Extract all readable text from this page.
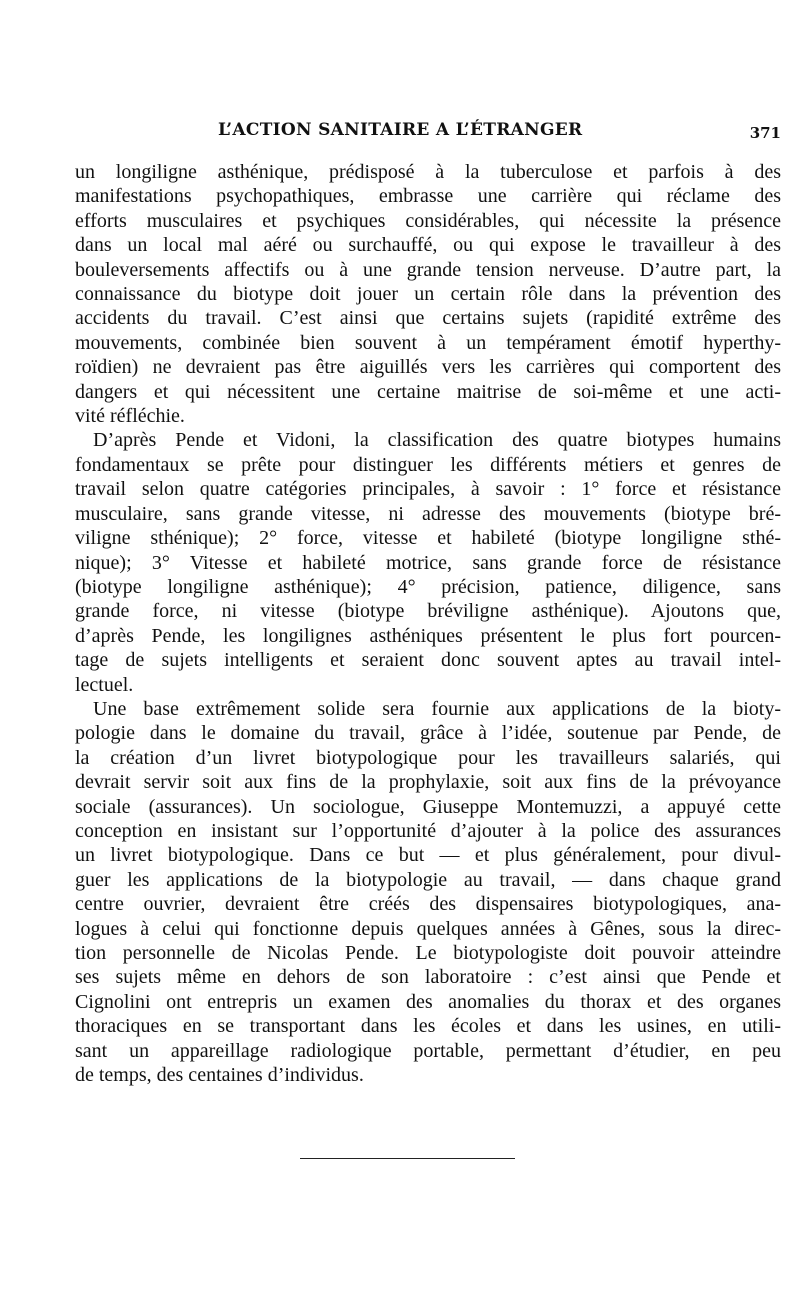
L’ACTION SANITAIRE A L’ÉTRANGER	371
un longiligne asthénique, prédisposé à la tuberculose et parfois à des
manifestations psychopathiques, embrasse une carrière qui réclame des
efforts musculaires et psychiques considérables, qui nécessite la présence
dans un local mal aéré ou surchauffé, ou qui expose le travailleur à des
bouleversements affectifs ou à une grande tension nerveuse. D’autre part, la
connaissance du biotype doit jouer un certain rôle dans la prévention des
accidents du travail. C’est ainsi que certains sujets (rapidité extrême des
mouvements, combinée bien souvent à un tempérament émotif hyperthy-
roïdien) ne devraient pas être aiguillés vers les carrières qui comportent des
dangers et qui nécessitent une certaine maitrise de soi-même et une acti-
vité réfléchie.
D’après Pende et Vidoni, la classification des quatre biotypes humains
fondamentaux se prête pour distinguer les différents métiers et genres de
travail selon quatre catégories principales, à savoir : 1° force et résistance
musculaire, sans grande vitesse, ni adresse des mouvements (biotype bré-
viligne sthénique); 2° force, vitesse et habileté (biotype longiligne sthé-
nique); 3° Vitesse et habileté motrice, sans grande force de résistance
(biotype longiligne asthénique); 4° précision, patience, diligence, sans
grande force, ni vitesse (biotype bréviligne asthénique). Ajoutons que,
d’après Pende, les longilignes asthéniques présentent le plus fort pourcen-
tage de sujets intelligents et seraient donc souvent aptes au travail intel-
lectuel.
Une base extrêmement solide sera fournie aux applications de la bioty-
pologie dans le domaine du travail, grâce à l’idée, soutenue par Pende, de
la création d’un livret biotypologique pour les travailleurs salariés, qui
devrait servir soit aux fins de la prophylaxie, soit aux fins de la prévoyance
sociale (assurances). Un sociologue, Giuseppe Montemuzzi, a appuyé cette
conception en insistant sur l’opportunité d’ajouter à la police des assurances
un livret biotypologique. Dans ce but — et plus généralement, pour divul-
guer les applications de la biotypologie au travail, — dans chaque grand
centre ouvrier, devraient être créés des dispensaires biotypologiques, ana-
logues à celui qui fonctionne depuis quelques années à Gênes, sous la direc-
tion personnelle de Nicolas Pende. Le biotypologiste doit pouvoir atteindre
ses sujets même en dehors de son laboratoire : c’est ainsi que Pende et
Cignolini ont entrepris un examen des anomalies du thorax et des organes
thoraciques en se transportant dans les écoles et dans les usines, en utili-
sant un appareillage radiologique portable, permettant d’étudier, en peu
de temps, des centaines d’individus.
